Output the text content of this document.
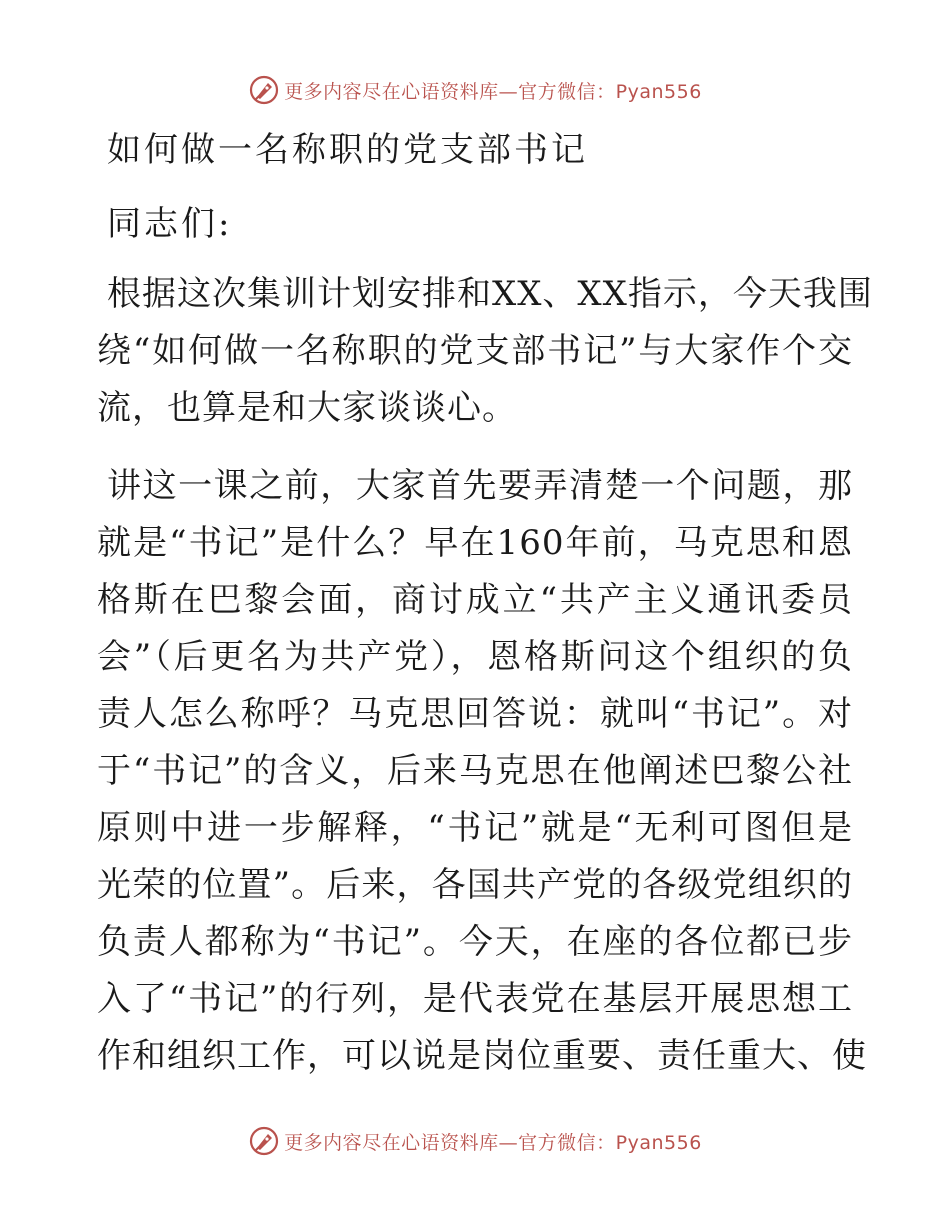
更多内容尽在心语资料库—官方微信：Pyan556
如何做一名称职的党支部书记
同志们:
根据这次集训计划安排和XX、XX指示，今天我围
绕“如何做一名称职的党支部书记”与大家作个交
流，也算是和大家谈谈心。
讲这一课之前，大家首先要弄清楚一个问题，那
就是“书记”是什么？早在160年前，马克思和恩
格斯在巴黎会面，商讨成立“共产主义通讯委员
会”（后更名为共产党），恩格斯问这个组织的负
责人怎么称呼？马克思回答说：就叫“书记”。对
于“书记”的含义，后来马克思在他阐述巴黎公社
原则中进一步解释，“书记”就是“无利可图但是
光荣的位置”。后来，各国共产党的各级党组织的
负责人都称为“书记”。今天，在座的各位都已步
入了“书记”的行列，是代表党在基层开展思想工
作和组织工作，可以说是岗位重要、责任重大、使
更多内容尽在心语资料库—官方微信：Pyan556
